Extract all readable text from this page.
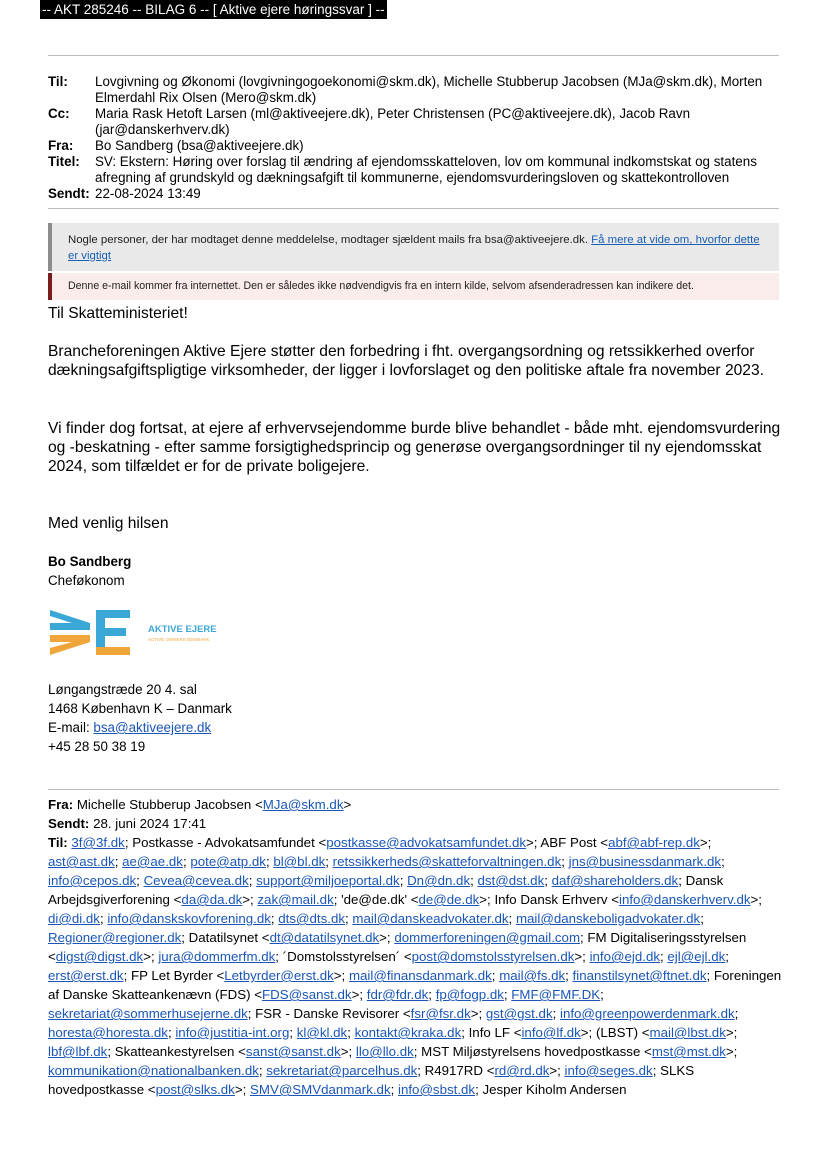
-- AKT 285246 -- BILAG 6 -- [ Aktive ejere høringssvar ] --
Til:	Lovgivning og Økonomi (lovgivningogoekonomi@skm.dk), Michelle Stubberup Jacobsen (MJa@skm.dk), Morten Elmerdahl Rix Olsen (Mero@skm.dk)
Cc:	Maria Rask Hetoft Larsen (ml@aktiveejere.dk), Peter Christensen (PC@aktiveejere.dk), Jacob Ravn (jar@danskerhverv.dk)
Fra:	Bo Sandberg (bsa@aktiveejere.dk)
Titel:	SV: Ekstern: Høring over forslag til ændring af ejendomsskatteloven, lov om kommunal indkomstskat og statens afregning af grundskyld og dækningsafgift til kommunerne, ejendomsvurderingsloven og skattekontrolloven
Sendt: 22-08-2024 13:49
Nogle personer, der har modtaget denne meddelelse, modtager sjældent mails fra bsa@aktiveejere.dk. Få mere at vide om, hvorfor dette er vigtigt
Denne e-mail kommer fra internettet. Den er således ikke nødvendigvis fra en intern kilde, selvom afsenderadressen kan indikere det.
Til Skatteministeriet!
Brancheforeningen Aktive Ejere støtter den forbedring i fht. overgangsordning og retssikkerhed overfor dækningsafgiftspligtige virksomheder, der ligger i lovforslaget og den politiske aftale fra november 2023.
Vi finder dog fortsat, at ejere af erhvervsejendomme burde blive behandlet - både mht. ejendomsvurdering og -beskatning - efter samme forsigtighedsprincip og generøse overgangsordninger til ny ejendomsskat 2024, som tilfældet er for de private boligejere.
Med venlig hilsen
Bo Sandberg
Cheføkonom
AKTIVE EJERE
ACTIVE OWNERS DENMARK
Løngangstræde 20 4. sal
1468 København K – Danmark
E-mail: bsa@aktiveejere.dk
+45 28 50 38 19
Fra: Michelle Stubberup Jacobsen <MJa@skm.dk>
Sendt: 28. juni 2024 17:41
Til: 3f@3f.dk; Postkasse - Advokatsamfundet <postkasse@advokatsamfundet.dk>; ABF Post <abf@abf-rep.dk>; ast@ast.dk; ae@ae.dk; pote@atp.dk; bl@bl.dk; retssikkerheds@skatteforvaltningen.dk; jns@businessdanmark.dk; info@cepos.dk; Cevea@cevea.dk; support@miljoeportal.dk; Dn@dn.dk; dst@dst.dk; daf@shareholders.dk; Dansk Arbejdsgiverforening <da@da.dk>; zak@mail.dk; 'de@de.dk' <de@de.dk>; Info Dansk Erhverv <info@danskerhverv.dk>; di@di.dk; info@danskskovforening.dk; dts@dts.dk; mail@danskeadvokater.dk; mail@danskeboligadvokater.dk; Regioner@regioner.dk; Datatilsynet <dt@datatilsynet.dk>; dommerforeningen@gmail.com; FM Digitaliseringsstyrelsen <digst@digst.dk>; jura@dommerfm.dk; ´Domstolsstyrelsen´ <post@domstolsstyrelsen.dk>; info@ejd.dk; ejl@ejl.dk; erst@erst.dk; FP Let Byrder <Letbyrder@erst.dk>; mail@finansdanmark.dk; mail@fs.dk; finanstilsynet@ftnet.dk; Foreningen af Danske Skatteankenævn (FDS) <FDS@sanst.dk>; fdr@fdr.dk; fp@fogp.dk; FMF@FMF.DK; sekretariat@sommerhusejerne.dk; FSR - Danske Revisorer <fsr@fsr.dk>; gst@gst.dk; info@greenpowerdenmark.dk; horesta@horesta.dk; info@justitia-int.org; kl@kl.dk; kontakt@kraka.dk; Info LF <info@lf.dk>; (LBST) <mail@lbst.dk>; lbf@lbf.dk; Skatteankestyrelsen <sanst@sanst.dk>; llo@llo.dk; MST Miljøstyrelsens hovedpostkasse <mst@mst.dk>; kommunikation@nationalbanken.dk; sekretariat@parcelhus.dk; R4917RD <rd@rd.dk>; info@seges.dk; SLKS hovedpostkasse <post@slks.dk>; SMV@SMVdanmark.dk; info@sbst.dk; Jesper Kiholm Andersen
